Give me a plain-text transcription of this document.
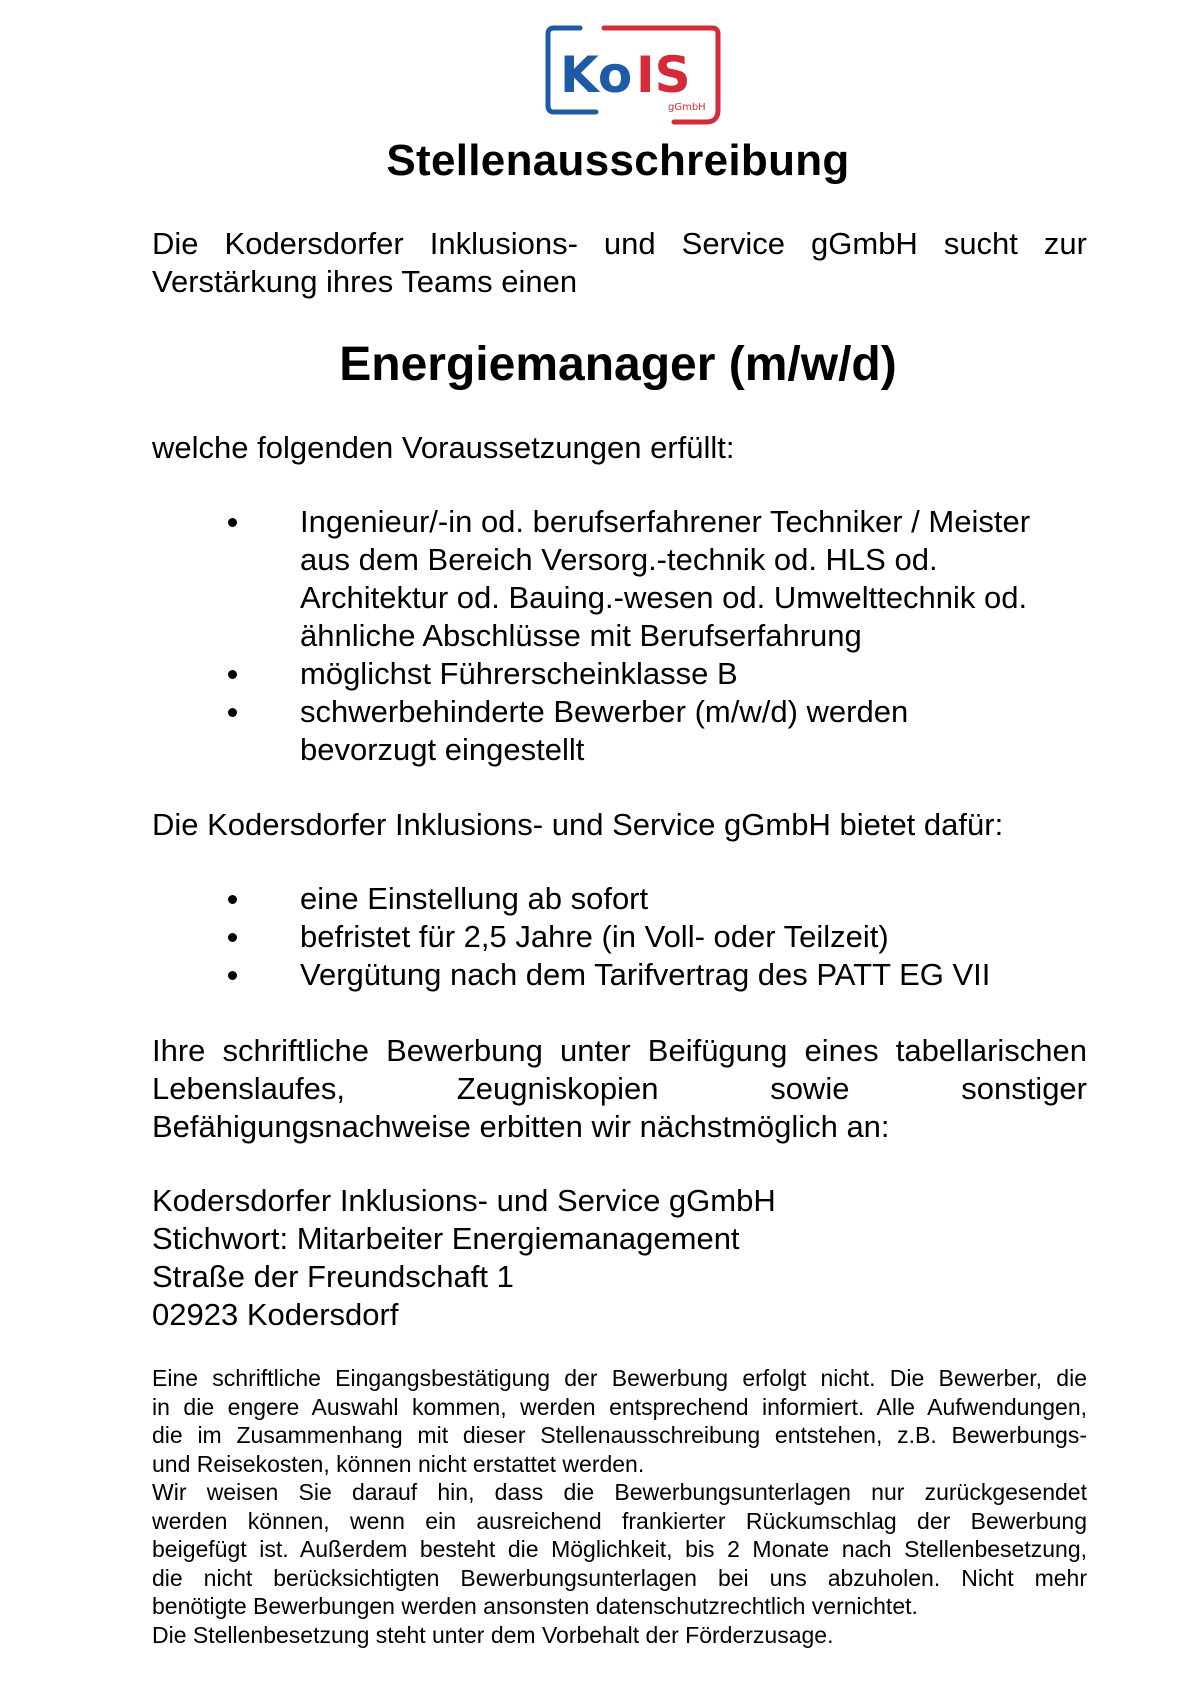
Ko IS
gGmbH
Stellenausschreibung
Die Kodersdorfer Inklusions- und Service gGmbH sucht zur
Verstärkung ihres Teams einen
Energiemanager (m/w/d)
welche folgenden Voraussetzungen erfüllt:
Ingenieur/-in od. berufserfahrener Techniker / Meister
aus dem Bereich Versorg.-technik od. HLS od.
Architektur od. Bauing.-wesen od. Umwelttechnik od.
ähnliche Abschlüsse mit Berufserfahrung
möglichst Führerscheinklasse B
schwerbehinderte Bewerber (m/w/d) werden
bevorzugt eingestellt
Die Kodersdorfer Inklusions- und Service gGmbH bietet dafür:
eine Einstellung ab sofort
befristet für 2,5 Jahre (in Voll- oder Teilzeit)
Vergütung nach dem Tarifvertrag des PATT EG VII
Ihre schriftliche Bewerbung unter Beifügung eines tabellarischen
Lebenslaufes, Zeugniskopien sowie sonstiger
Befähigungsnachweise erbitten wir nächstmöglich an:
Kodersdorfer Inklusions- und Service gGmbH
Stichwort: Mitarbeiter Energiemanagement
Straße der Freundschaft 1
02923 Kodersdorf
Eine schriftliche Eingangsbestätigung der Bewerbung erfolgt nicht. Die Bewerber, die
in die engere Auswahl kommen, werden entsprechend informiert. Alle Aufwendungen,
die im Zusammenhang mit dieser Stellenausschreibung entstehen, z.B. Bewerbungs-
und Reisekosten, können nicht erstattet werden.
Wir weisen Sie darauf hin, dass die Bewerbungsunterlagen nur zurückgesendet
werden können, wenn ein ausreichend frankierter Rückumschlag der Bewerbung
beigefügt ist. Außerdem besteht die Möglichkeit, bis 2 Monate nach Stellenbesetzung,
die nicht berücksichtigten Bewerbungsunterlagen bei uns abzuholen. Nicht mehr
benötigte Bewerbungen werden ansonsten datenschutzrechtlich vernichtet.
Die Stellenbesetzung steht unter dem Vorbehalt der Förderzusage.
